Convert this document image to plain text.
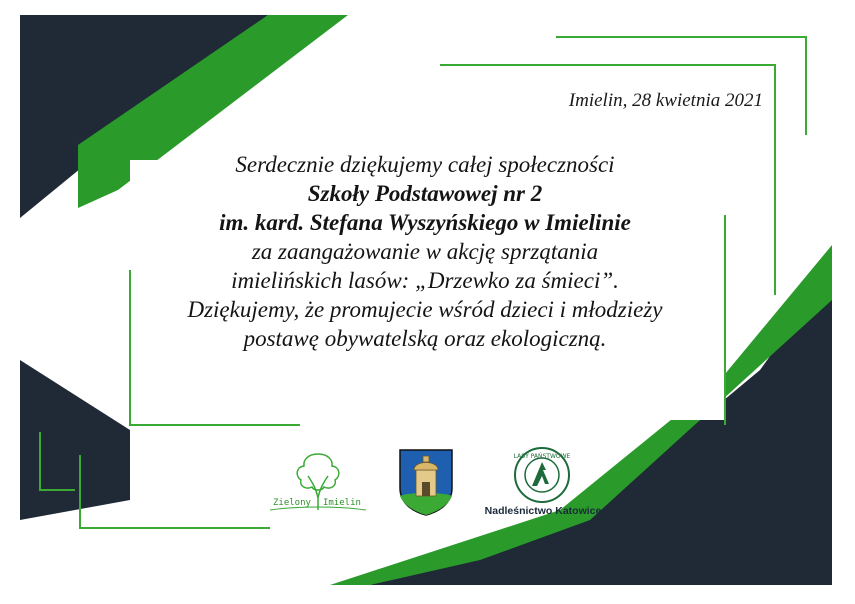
Imielin, 28 kwietnia 2021
Serdecznie dziękujemy całej społeczności
Szkoły Podstawowej nr 2
im. kard. Stefana Wyszyńskiego w Imielinie
za zaangażowanie w akcję sprzątania
imielińskich lasów: „Drzewko za śmieci”.
Dziękujemy, że promujecie wśród dzieci i młodzieży
postawę obywatelską oraz ekologiczną.
Zielony Imielin
LASY PAŃSTWOWE
Nadleśnictwo Katowice
